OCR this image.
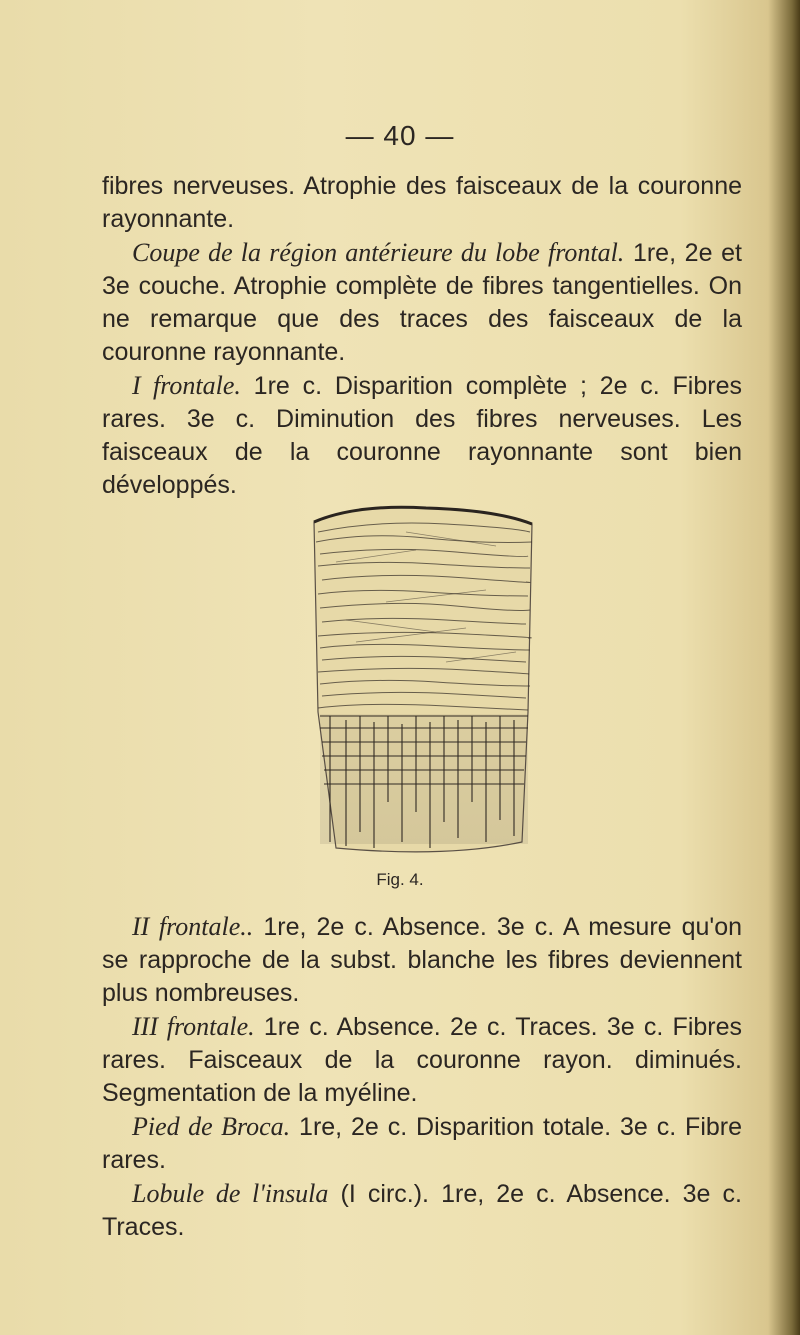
— 40 —

fibres nerveuses. Atrophie des faisceaux de la couronne rayonnante.

Coupe de la région antérieure du lobe frontal. 1re, 2e et 3e couche. Atrophie complète de fibres tangentielles. On ne remarque que des traces des faisceaux de la couronne rayonnante.

I frontale. 1re c. Disparition complète ; 2e c. Fibres rares. 3e c. Diminution des fibres nerveuses. Les faisceaux de la couronne rayonnante sont bien développés.

Fig. 4.

II frontale.. 1re, 2e c. Absence. 3e c. A mesure qu'on se rapproche de la subst. blanche les fibres deviennent plus nombreuses.

III frontale. 1re c. Absence. 2e c. Traces. 3e c. Fibres rares. Faisceaux de la couronne rayon. diminués. Segmentation de la myéline.

Pied de Broca. 1re, 2e c. Disparition totale. 3e c. Fibre rares.

Lobule de l'insula (I circ.). 1re, 2e c. Absence. 3e c. Traces.
